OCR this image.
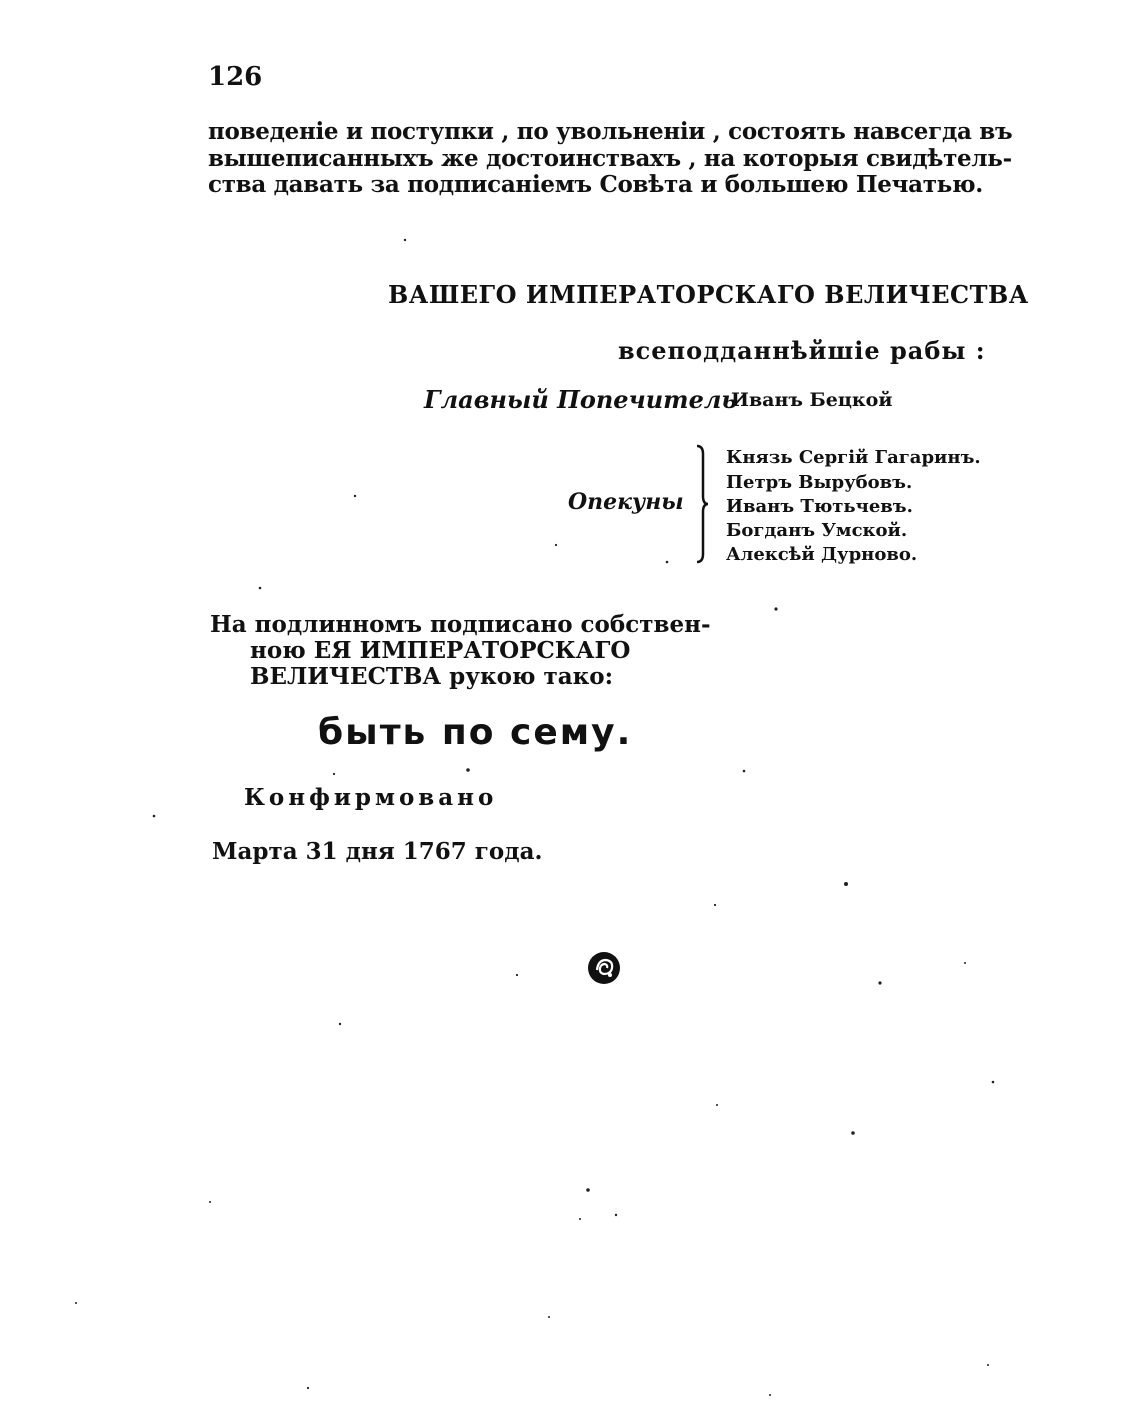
126
поведеніе и поступки , по увольненіи , состоять навсегда въ
вышеписанныхъ же достоинствахъ , на которыя свидѣтель-
ства давать за подписаніемъ Совѣта и большею Печатью.
ВАШЕГО ИМПЕРАТОРСКАГО ВЕЛИЧЕСТВА
всеподданнѣйшіе рабы :
Главный Попечитель
Иванъ Бецкой
Опекуны
Князь Сергій Гагаринъ.
Петръ Вырубовъ.
Иванъ Тютьчевъ.
Богданъ Умской.
Алексѣй Дурново.
На подлинномъ подписано собствен-
ною ЕЯ ИМПЕРАТОРСКАГО
ВЕЛИЧЕСТВА рукою тако:
быть по сему.
Конфирмовано
Марта 31 дня 1767 года.
